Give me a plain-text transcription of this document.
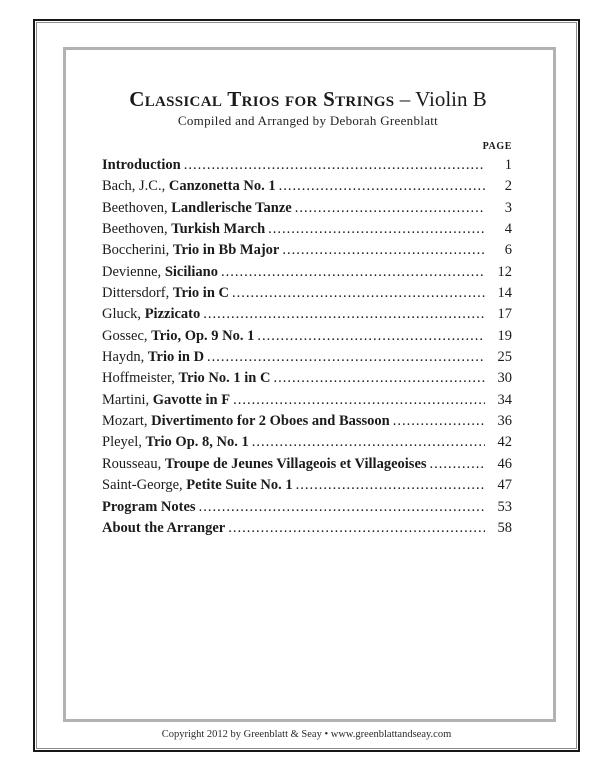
Classical Trios for Strings – Violin B
Compiled and Arranged by Deborah Greenblatt
PAGE
Introduction .....	1
Bach, J.C., Canzonetta No. 1 .....	2
Beethoven, Landlerische Tanze .....	3
Beethoven, Turkish March .....	4
Boccherini, Trio in Bb Major .....	6
Devienne, Siciliano .....	12
Dittersdorf, Trio in C .....	14
Gluck, Pizzicato .....	17
Gossec, Trio, Op. 9 No. 1 .....	19
Haydn, Trio in D .....	25
Hoffmeister, Trio No. 1 in C .....	30
Martini, Gavotte in F .....	34
Mozart, Divertimento for 2 Oboes and Bassoon .....	36
Pleyel, Trio Op. 8, No. 1 .....	42
Rousseau, Troupe de Jeunes Villageois et Villageoises .....	46
Saint-George, Petite Suite No. 1 .....	47
Program Notes .....	53
About the Arranger .....	58
Copyright 2012 by Greenblatt & Seay • www.greenblattandseay.com
